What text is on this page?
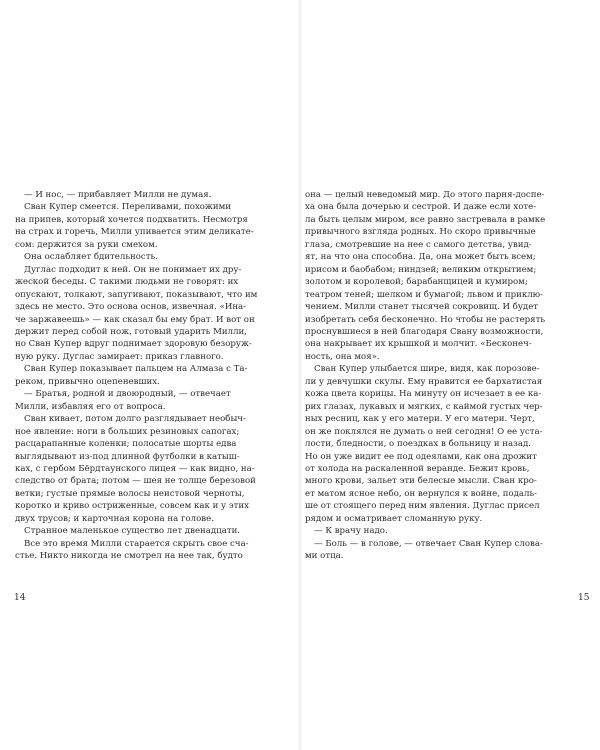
— И нос, — прибавляет Милли не думая.

Сван Купер смеется. Переливами, похожими
на припев, который хочется подхватить. Несмотря
на страх и горечь, Милли упивается этим деликате-
сом: держится за руки смехом.

Она ослабляет бдительность.

Дуглас подходит к ней. Он не понимает их дру-
жеской беседы. С такими людьми не говорят: их
опускают, толкают, запугивают, показывают, что им
здесь не место. Это основа основ, извечная. «Ина-
че заржавеешь» — как сказал бы ему брат. И вот он
держит перед собой нож, готовый ударить Милли,
но Сван Купер вдруг поднимает здоровую безоруж-
ную руку. Дуглас замирает: приказ главного.

Сван Купер показывает пальцем на Алмаза с Та-
реком, привычно оцепеневших.

— Братья, родной и двоюродный, — отвечает
Милли, избавляя его от вопроса.

Сван кивает, потом долго разглядывает необыч-
ное явление: ноги в больших резиновых сапогах;
расцарапанные коленки; полосатые шорты едва
выглядывают из-под длинной футболки в катыш-
ках, с гербом Бёрдтаунского лицея — как видно, на-
следство от брата; потом — шея не толще березовой
ветки; густые прямые волосы неистовой черноты,
коротко и криво остриженные, совсем как и у этих
двух трусов; и карточная корона на голове.

Странное маленькое существо лет двенадцати.

Все это время Милли старается скрыть свое сча-
стье. Никто никогда не смотрел на нее так, будто

14

она — целый неведомый мир. До этого парня-доспе-
ха она была дочерью и сестрой. И даже если хоте-
ла быть целым миром, все равно застревала в рамке
привычного взгляда родных. Но скоро привычные
глаза, смотревшие на нее с самого детства, увид-
ят, на что она способна. Да, она может быть всем;
ирисом и баобабом; ниндзей; великим открытием;
золотом и королевой; барабанщицей и кумиром;
театром теней; шелком и бумагой; львом и приклю-
чением. Милли станет тысячей сокровищ. И будет
изобретать себя бесконечно. Но чтобы не растерять
проснувшиеся в ней благодаря Свану возможности,
она накрывает их крышкой и молчит. «Бесконеч-
ность, она моя».

Сван Купер улыбается шире, видя, как порозове-
ли у девчушки скулы. Ему нравится ее бархатистая
кожа цвета корицы. На минуту он исчезает в ее ка-
рих глазах, лукавых и мягких, с каймой густых чер-
ных ресниц, как у его матери. У его матери. Черт,
он же поклялся не думать о ней сегодня! О ее уста-
лости, бледности, о поездках в больницу и назад.
Но он уже видит ее под одеялами, как она дрожит
от холода на раскаленной веранде. Бежит кровь,
много крови, зальет эти белесые мысли. Сван кро-
ет матом ясное небо, он вернулся к войне, подаль-
ше от стоящего перед ним явления. Дуглас присел
рядом и осматривает сломанную руку.

— К врачу надо.

— Боль — в голове, — отвечает Сван Купер слова-
ми отца.

15
